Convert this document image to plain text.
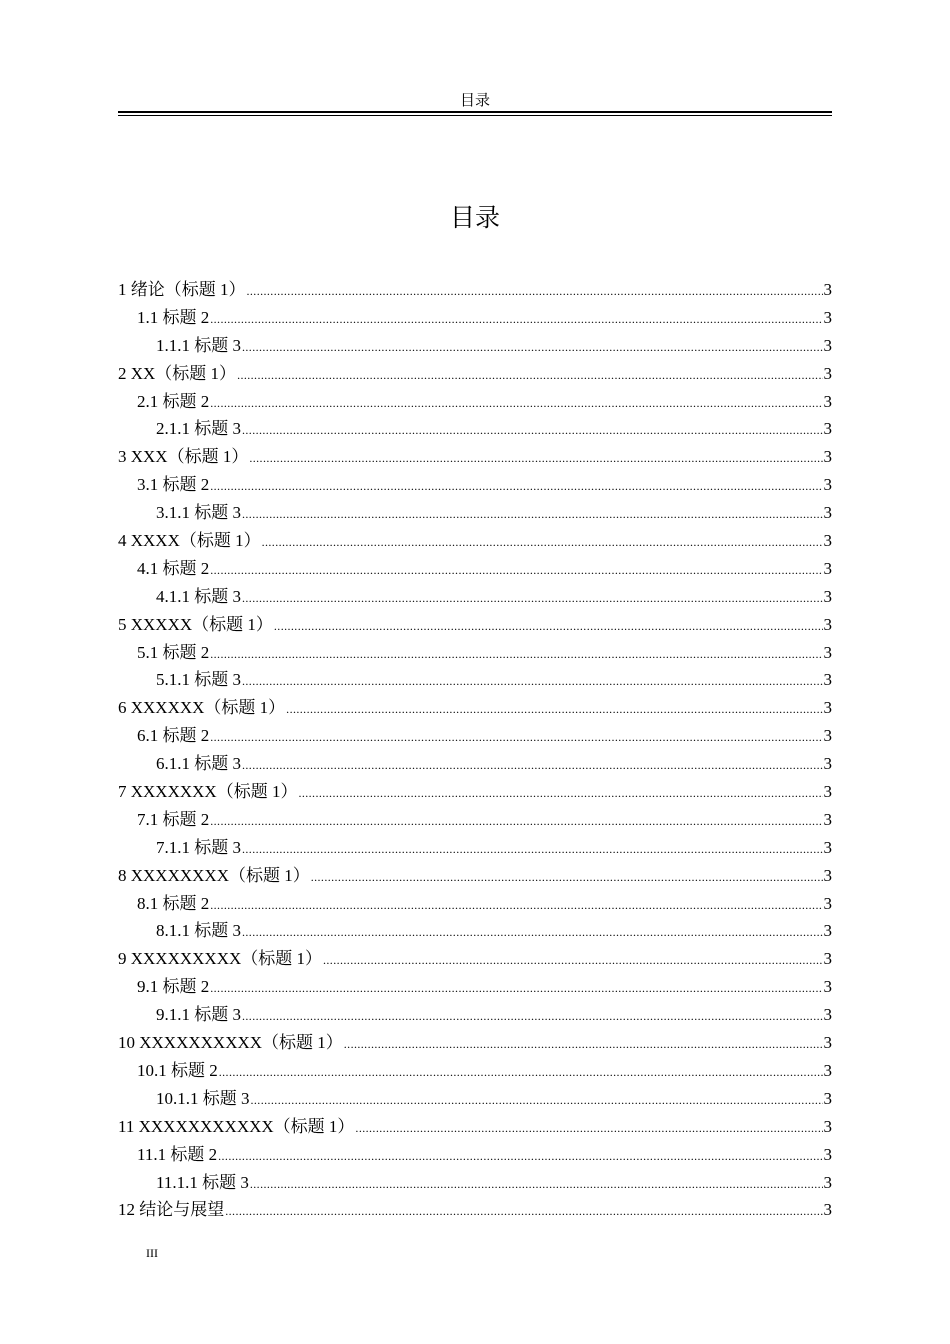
目录
目录
1 绪论（标题 1） .....	3
1.1 标题 2 .....	3
1.1.1 标题 3 .....	3
2 XX（标题 1） .....	3
2.1 标题 2 .....	3
2.1.1 标题 3 .....	3
3 XXX（标题 1） .....	3
3.1 标题 2 .....	3
3.1.1 标题 3 .....	3
4 XXXX（标题 1） .....	3
4.1 标题 2 .....	3
4.1.1 标题 3 .....	3
5 XXXXX（标题 1） .....	3
5.1 标题 2 .....	3
5.1.1 标题 3 .....	3
6 XXXXXX（标题 1） .....	3
6.1 标题 2 .....	3
6.1.1 标题 3 .....	3
7 XXXXXXX（标题 1） .....	3
7.1 标题 2 .....	3
7.1.1 标题 3 .....	3
8 XXXXXXXX（标题 1） .....	3
8.1 标题 2 .....	3
8.1.1 标题 3 .....	3
9 XXXXXXXXX（标题 1） .....	3
9.1 标题 2 .....	3
9.1.1 标题 3 .....	3
10 XXXXXXXXXX（标题 1） .....	3
10.1 标题 2 .....	3
10.1.1 标题 3 .....	3
11 XXXXXXXXXXX（标题 1） .....	3
11.1 标题 2 .....	3
11.1.1 标题 3 .....	3
12 结论与展望 .....	3
III
